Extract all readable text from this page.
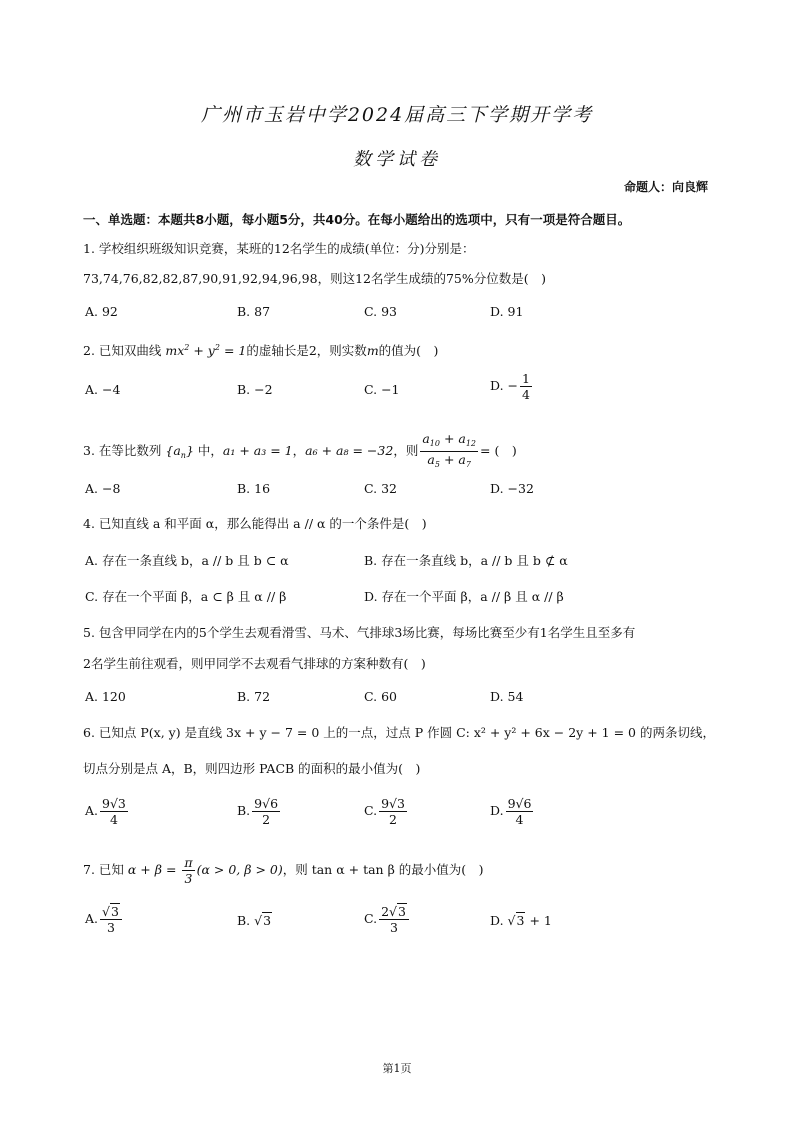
广州市玉岩中学2024届高三下学期开学考
数学试卷
命题人：向良辉
一、单选题：本题共8小题，每小题5分，共40分。在每小题给出的选项中，只有一项是符合题目。
1. 学校组织班级知识竞赛，某班的12名学生的成绩(单位：分)分别是：
73,74,76,82,82,87,90,91,92,94,96,98，则这12名学生成绩的75%分位数是(　)
A. 92	B. 87	C. 93	D. 91
2. 已知双曲线 $mx^2 + y^2 = 1$的虚轴长是2，则实数m的值为(　)
A. −4	B. −2	C. −1	D. − $\frac{1}{4}$
3. 在等比数列 $\{a_n\}$ 中，a₁ + a₃ = 1，a₆ + a₈ = −32，则 $\frac{a_{10} + a_{12}}{a_5 + a_7}$ = (　)
A. −8	B. 16	C. 32	D. −32
4. 已知直线 a 和平面 α，那么能得出 a // α 的一个条件是(　)
A. 存在一条直线 b，a // b 且 b ⊂ α	B. 存在一条直线 b，a // b 且 b ⊄ α
C. 存在一个平面 β，a ⊂ β 且 α // β	D. 存在一个平面 β，a // β 且 α // β
5. 包含甲同学在内的5个学生去观看滑雪、马术、气排球3场比赛，每场比赛至少有1名学生且至多有
2名学生前往观看，则甲同学不去观看气排球的方案种数有(　)
A. 120	B. 72	C. 60	D. 54
6. 已知点 P(x, y) 是直线 3x + y − 7 = 0 上的一点，过点 P 作圆 C: x² + y² + 6x − 2y + 1 = 0 的两条切线，
切点分别是点 A，B，则四边形 PACB 的面积的最小值为(　)
A. $\frac{9√3}{4}$	B. $\frac{9√6}{2}$	C. $\frac{9√3}{2}$	D. $\frac{9√6}{4}$
7. 已知 $\alpha + \beta = \frac{\pi}{3} (\alpha > 0$, β > 0)，则 tan α + tan β 的最小值为(　)
A. $\frac{√3}{3}$	B. √3	C. $\frac{2√3}{3}$	D. √3 + 1
第1页
